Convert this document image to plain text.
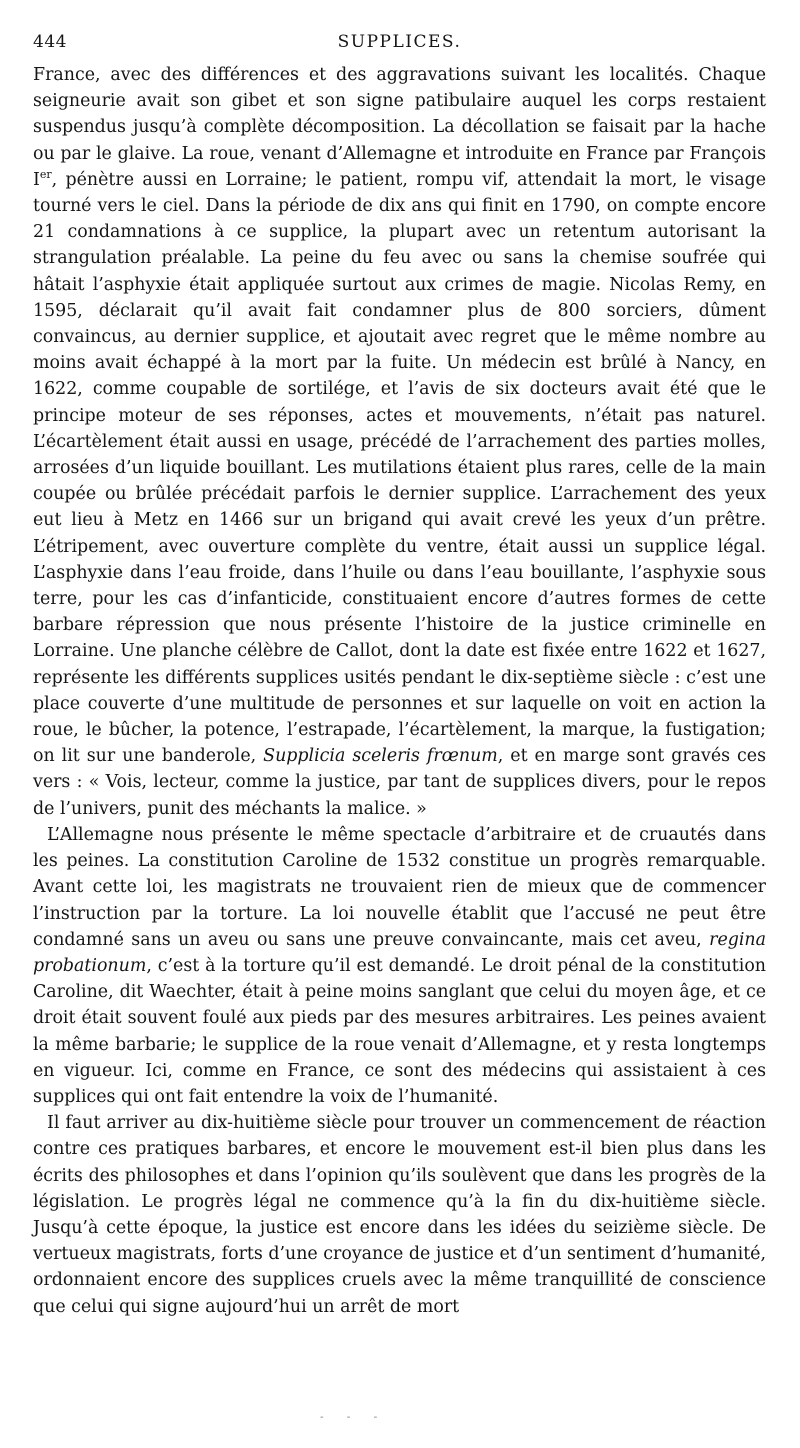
444	SUPPLICES.

France, avec des différences et des aggravations suivant les localités. Chaque seigneurie avait son gibet et son signe patibulaire auquel les corps restaient suspendus jusqu’à complète décomposition. La décollation se faisait par la hache ou par le glaive. La roue, venant d’Allemagne et introduite en France par François Ier, pénètre aussi en Lorraine; le patient, rompu vif, attendait la mort, le visage tourné vers le ciel. Dans la période de dix ans qui finit en 1790, on compte encore 21 condamnations à ce supplice, la plupart avec un retentum autorisant la strangulation préalable. La peine du feu avec ou sans la chemise soufrée qui hâtait l’asphyxie était appliquée surtout aux crimes de magie. Nicolas Remy, en 1595, déclarait qu’il avait fait condamner plus de 800 sorciers, dûment convaincus, au dernier supplice, et ajoutait avec regret que le même nombre au moins avait échappé à la mort par la fuite. Un médecin est brûlé à Nancy, en 1622, comme coupable de sortilége, et l’avis de six docteurs avait été que le principe moteur de ses réponses, actes et mouvements, n’était pas naturel. L’écartèlement était aussi en usage, précédé de l’arrachement des parties molles, arrosées d’un liquide bouillant. Les mutilations étaient plus rares, celle de la main coupée ou brûlée précédait parfois le dernier supplice. L’arrachement des yeux eut lieu à Metz en 1466 sur un brigand qui avait crevé les yeux d’un prêtre. L’étripement, avec ouverture complète du ventre, était aussi un supplice légal. L’asphyxie dans l’eau froide, dans l’huile ou dans l’eau bouillante, l’asphyxie sous terre, pour les cas d’infanticide, constituaient encore d’autres formes de cette barbare répression que nous présente l’histoire de la justice criminelle en Lorraine. Une planche célèbre de Callot, dont la date est fixée entre 1622 et 1627, représente les différents supplices usités pendant le dix-septième siècle : c’est une place couverte d’une multitude de personnes et sur laquelle on voit en action la roue, le bûcher, la potence, l’estrapade, l’écartèlement, la marque, la fustigation; on lit sur une banderole, Supplicia sceleris frœnum, et en marge sont gravés ces vers : « Vois, lecteur, comme la justice, par tant de supplices divers, pour le repos de l’univers, punit des méchants la malice. »

L’Allemagne nous présente le même spectacle d’arbitraire et de cruautés dans les peines. La constitution Caroline de 1532 constitue un progrès remarquable. Avant cette loi, les magistrats ne trouvaient rien de mieux que de commencer l’instruction par la torture. La loi nouvelle établit que l’accusé ne peut être condamné sans un aveu ou sans une preuve convaincante, mais cet aveu, regina probationum, c’est à la torture qu’il est demandé. Le droit pénal de la constitution Caroline, dit Waechter, était à peine moins sanglant que celui du moyen âge, et ce droit était souvent foulé aux pieds par des mesures arbitraires. Les peines avaient la même barbarie; le supplice de la roue venait d’Allemagne, et y resta longtemps en vigueur. Ici, comme en France, ce sont des médecins qui assistaient à ces supplices qui ont fait entendre la voix de l’humanité.

Il faut arriver au dix-huitième siècle pour trouver un commencement de réaction contre ces pratiques barbares, et encore le mouvement est-il bien plus dans les écrits des philosophes et dans l’opinion qu’ils soulèvent que dans les progrès de la législation. Le progrès légal ne commence qu’à la fin du dix-huitième siècle. Jusqu’à cette époque, la justice est encore dans les idées du seizième siècle. De vertueux magistrats, forts d’une croyance de justice et d’un sentiment d’humanité, ordonnaient encore des supplices cruels avec la même tranquillité de conscience que celui qui signe aujourd’hui un arrêt de mort

- - -
